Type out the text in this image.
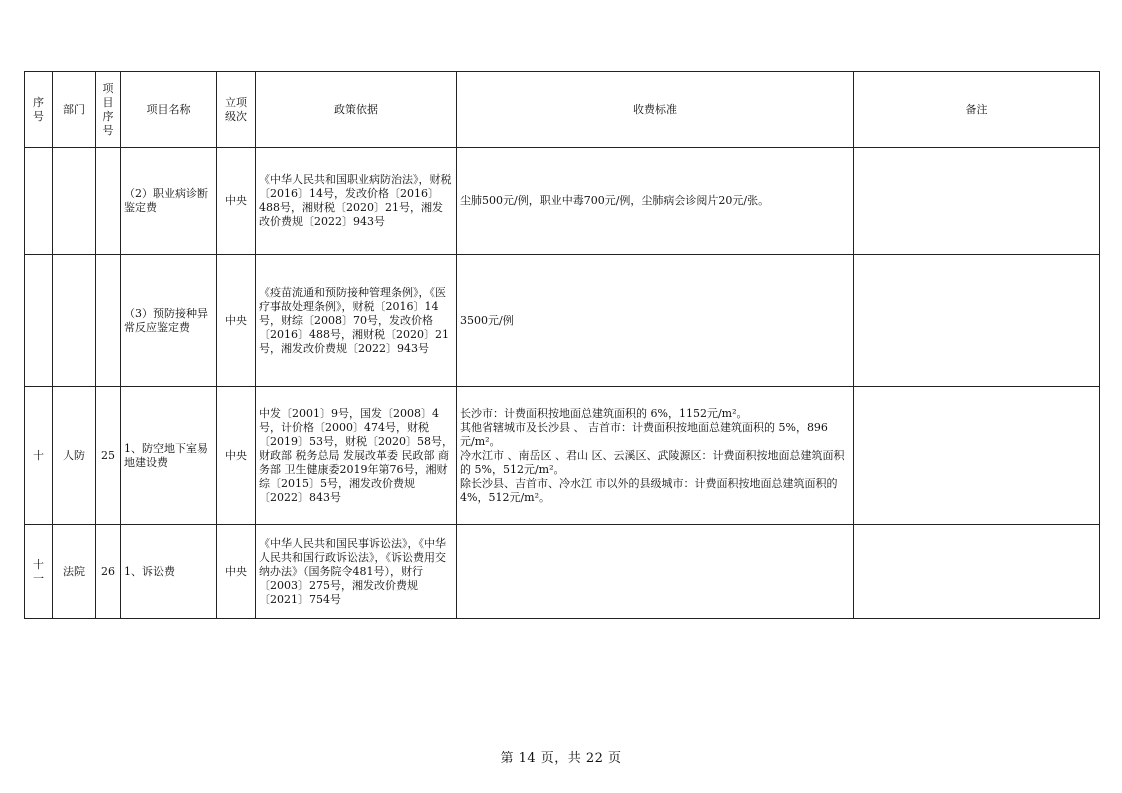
序号	部门	项目序号	项目名称	立项级次	政策依据	收费标准	备注
			（2）职业病诊断鉴定费	中央	《中华人民共和国职业病防治法》，财税〔2016〕14号，发改价格〔2016〕488号，湘财税〔2020〕21号，湘发改价费规〔2022〕943号	尘肺500元/例，职业中毒700元/例，尘肺病会诊阅片20元/张。	

			（3）预防接种异常反应鉴定费	中央	《疫苗流通和预防接种管理条例》，《医疗事故处理条例》，财税〔2016〕14号，财综〔2008〕70号，发改价格〔2016〕488号，湘财税〔2020〕21号，湘发改价费规〔2022〕943号	3500元/例	

十	人防	25	1、防空地下室易地建设费	中央	中发〔2001〕9号，国发〔2008〕4号，计价格〔2000〕474号，财税〔2019〕53号，财税〔2020〕58号，财政部 税务总局 发展改革委 民政部 商务部 卫生健康委2019年第76号，湘财综〔2015〕5号，湘发改价费规〔2022〕843号	长沙市：计费面积按地面总建筑面积的 6%，1152元/m²。
其他省辖城市及长沙县 、 吉首市：计费面积按地面总建筑面积的 5%，896元/m²。
冷水江市 、南岳区 、君山 区、云溪区、武陵源区：计费面积按地面总建筑面积的 5%，512元/m²。
除长沙县、吉首市、冷水江 市以外的县级城市：计费面积按地面总建筑面积的 4%，512元/m²。	

十一	法院	26	1、诉讼费	中央	《中华人民共和国民事诉讼法》，《中华人民共和国行政诉讼法》，《诉讼费用交纳办法》（国务院令481号），财行〔2003〕275号，湘发改价费规〔2021〕754号		
第 14 页，共 22 页
